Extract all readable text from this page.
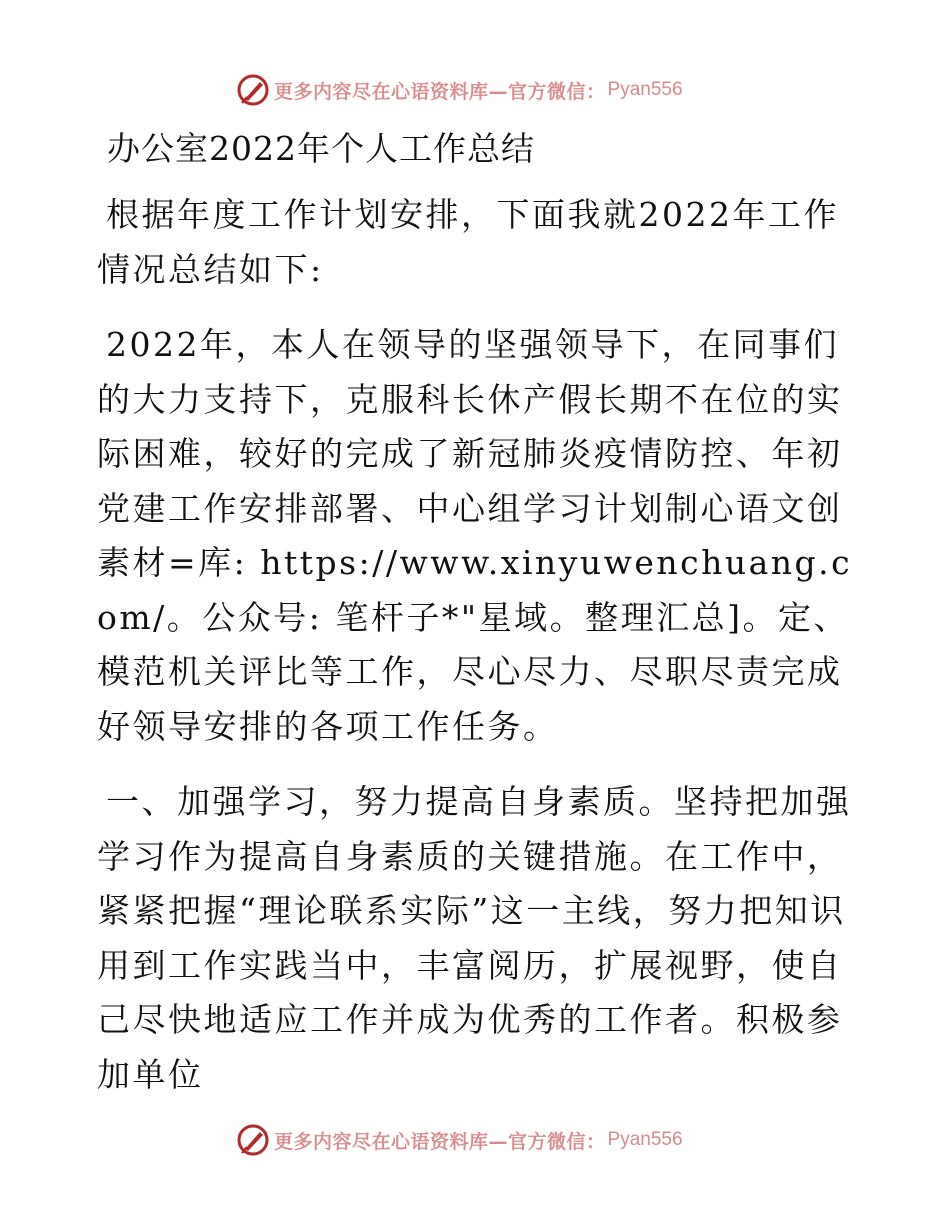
更多内容尽在心语资料库—官方微信： Pyan556
办公室2022年个人工作总结

根据年度工作计划安排，下面我就2022年工作情况总结如下:

2022年，本人在领导的坚强领导下，在同事们的大力支持下，克服科长休产假长期不在位的实际困难，较好的完成了新冠肺炎疫情防控、年初党建工作安排部署、中心组学习计划制心语文创素材=库: https://www.xinyuwenchuang.com/。公众号: 笔杆子*"星域。整理汇总]。定、模范机关评比等工作，尽心尽力、尽职尽责完成好领导安排的各项工作任务。

一、加强学习，努力提高自身素质。坚持把加强学习作为提高自身素质的关键措施。在工作中，紧紧把握“理论联系实际”这一主线，努力把知识用到工作实践当中，丰富阅历，扩展视野，使自己尽快地适应工作并成为优秀的工作者。积极参加单位

更多内容尽在心语资料库—官方微信： Pyan556
